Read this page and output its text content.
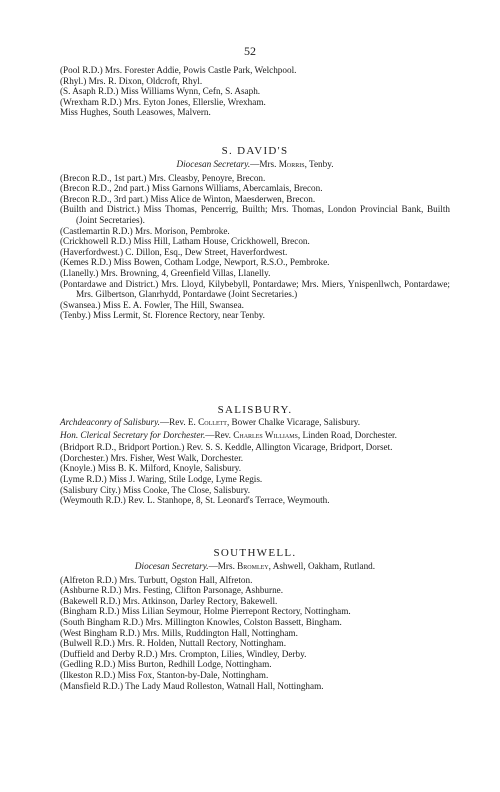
52

(Pool R.D.) Mrs. Forester Addie, Powis Castle Park, Welchpool.

(Rhyl.) Mrs. R. Dixon, Oldcroft, Rhyl.

(S. Asaph R.D.) Miss Williams Wynn, Cefn, S. Asaph.

(Wrexham R.D.) Mrs. Eyton Jones, Ellerslie, Wrexham.

Miss Hughes, South Leasowes, Malvern.

S. DAVID'S

Diocesan Secretary.—Mrs. Morris, Tenby.

(Brecon R.D., 1st part.) Mrs. Cleasby, Penoyre, Brecon.

(Brecon R.D., 2nd part.) Miss Garnons Williams, Abercamlais, Brecon.

(Brecon R.D., 3rd part.) Miss Alice de Winton, Maesderwen, Brecon.

(Builth and District.) Miss Thomas, Pencerrig, Builth; Mrs. Thomas, London Provincial Bank, Builth (Joint Secretaries).

(Castlemartin R.D.) Mrs. Morison, Pembroke.

(Crickhowell R.D.) Miss Hill, Latham House, Crickhowell, Brecon.

(Haverfordwest.) C. Dillon, Esq., Dew Street, Haverfordwest.

(Kemes R.D.) Miss Bowen, Cotham Lodge, Newport, R.S.O., Pembroke.

(Llanelly.) Mrs. Browning, 4, Greenfield Villas, Llanelly.

(Pontardawe and District.) Mrs. Lloyd, Kilybebyll, Pontardawe; Mrs. Miers, Ynispenllwch, Pontardawe; Mrs. Gilbertson, Glanrhydd, Pontardawe (Joint Secretaries.)

(Swansea.) Miss E. A. Fowler, The Hill, Swansea.

(Tenby.) Miss Lermit, St. Florence Rectory, near Tenby.

SALISBURY.

Archdeaconry of Salisbury.—Rev. E. Collett, Bower Chalke Vicarage, Salisbury.

Hon. Clerical Secretary for Dorchester.—Rev. Charles Williams, Linden Road, Dorchester.

(Bridport R.D., Bridport Portion.) Rev. S. S. Keddle, Allington Vicarage, Bridport, Dorset.

(Dorchester.) Mrs. Fisher, West Walk, Dorchester.

(Knoyle.) Miss B. K. Milford, Knoyle, Salisbury.

(Lyme R.D.) Miss J. Waring, Stile Lodge, Lyme Regis.

(Salisbury City.) Miss Cooke, The Close, Salisbury.

(Weymouth R.D.) Rev. L. Stanhope, 8, St. Leonard's Terrace, Weymouth.

SOUTHWELL.

Diocesan Secretary.—Mrs. Bromley, Ashwell, Oakham, Rutland.

(Alfreton R.D.) Mrs. Turbutt, Ogston Hall, Alfreton.

(Ashburne R.D.) Mrs. Festing, Clifton Parsonage, Ashburne.

(Bakewell R.D.) Mrs. Atkinson, Darley Rectory, Bakewell.

(Bingham R.D.) Miss Lilian Seymour, Holme Pierrepont Rectory, Nottingham.

(South Bingham R.D.) Mrs. Millington Knowles, Colston Bassett, Bingham.

(West Bingham R.D.) Mrs. Mills, Ruddington Hall, Nottingham.

(Bulwell R.D.) Mrs. R. Holden, Nuttall Rectory, Nottingham.

(Duffield and Derby R.D.) Mrs. Crompton, Lilies, Windley, Derby.

(Gedling R.D.) Miss Burton, Redhill Lodge, Nottingham.

(Ilkeston R.D.) Miss Fox, Stanton-by-Dale, Nottingham.

(Mansfield R.D.) The Lady Maud Rolleston, Watnall Hall, Nottingham.
